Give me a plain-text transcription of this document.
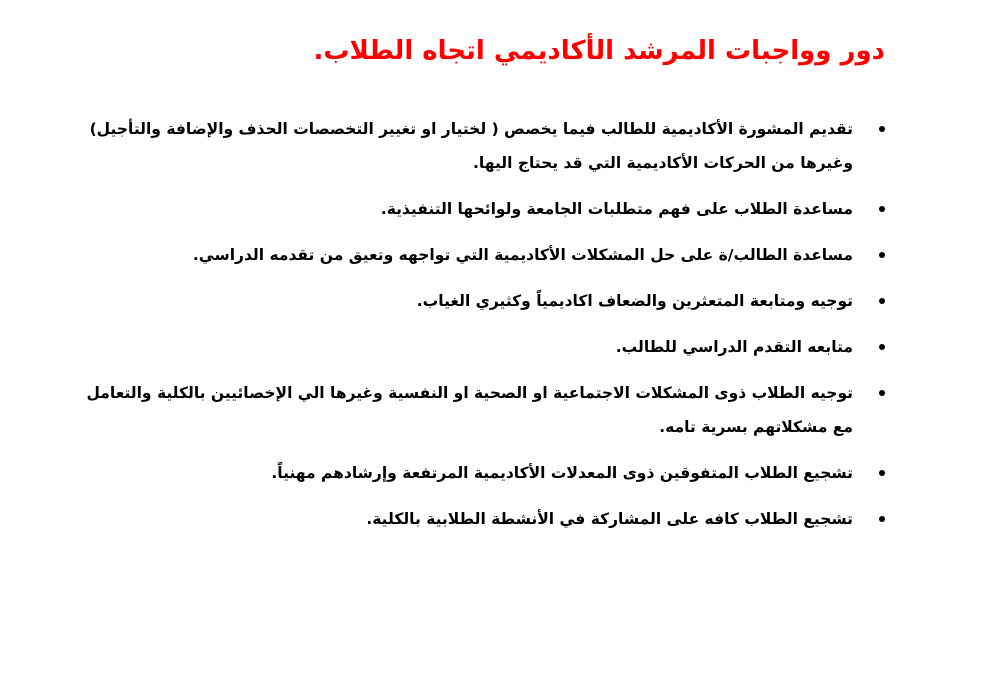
دور وواجبات المرشد الأكاديمي اتجاه الطلاب.
تقديم المشورة الأكاديمية للطالب فيما يخصص ( لختيار او تغيير التخصصات الحذف والإضافة والتأجيل) وغيرها من الحركات الأكاديمية التي قد يحتاج اليها.
مساعدة الطلاب على فهم متطلبات الجامعة ولوائحها التنفيذية.
مساعدة الطالب/ة على حل المشكلات الأكاديمية التي تواجهه وتعيق من تقدمه الدراسي.
توجيه ومتابعة المتعثرين والضعاف اكاديمياً وكثيري الغياب.
متابعه التقدم الدراسي للطالب.
توجيه الطلاب ذوى المشكلات الاجتماعية او الصحية او النفسية وغيرها الي الإخصائيين بالكلية والتعامل مع مشكلاتهم بسرية تامه.
تشجيع الطلاب المتفوقين ذوى المعدلات الأكاديمية المرتفعة وإرشادهم مهنياً.
تشجيع الطلاب كافه على المشاركة في الأنشطة الطلابية بالكلية.
